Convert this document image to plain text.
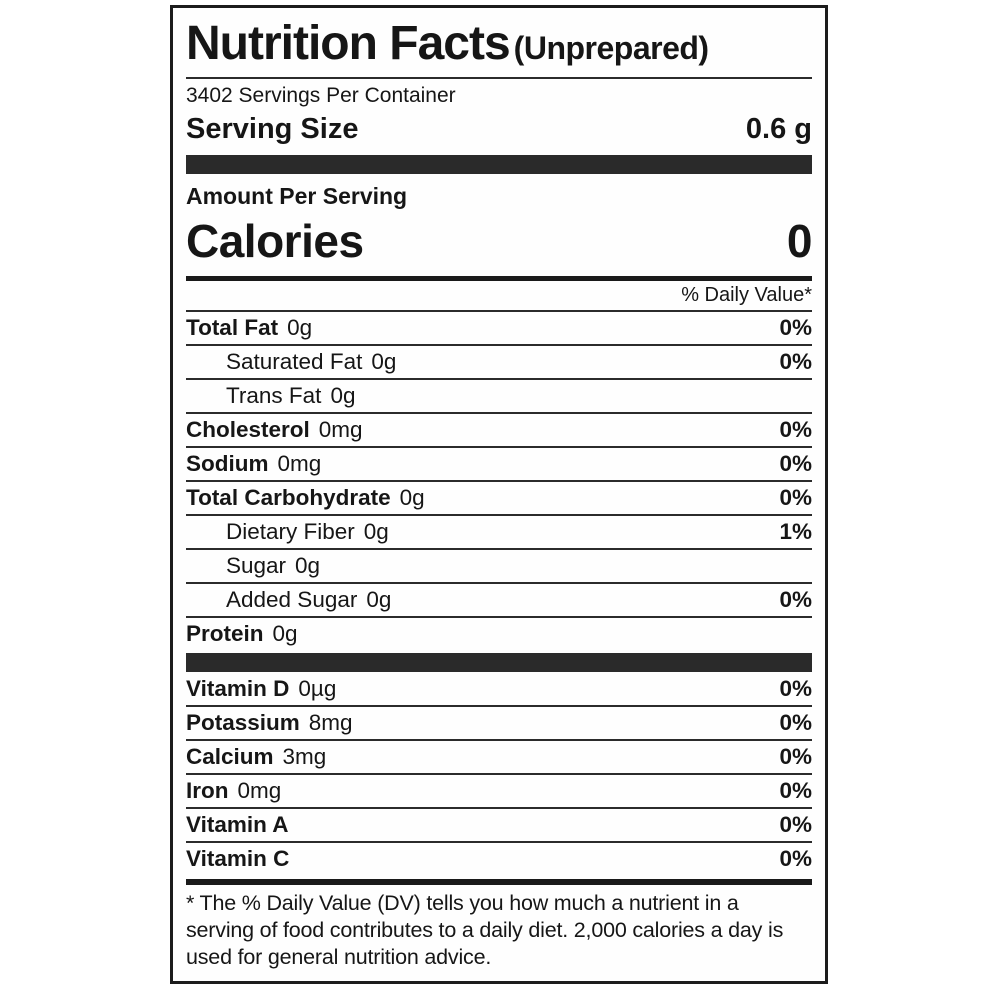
Nutrition Facts (Unprepared)
3402 Servings Per Container
Serving Size	0.6 g
Amount Per Serving
Calories	0
% Daily Value*
Total Fat 0g	0%
Saturated Fat 0g	0%
Trans Fat 0g
Cholesterol 0mg	0%
Sodium 0mg	0%
Total Carbohydrate 0g	0%
Dietary Fiber 0g	1%
Sugar 0g
Added Sugar 0g	0%
Protein 0g
Vitamin D 0µg	0%
Potassium 8mg	0%
Calcium 3mg	0%
Iron 0mg	0%
Vitamin A	0%
Vitamin C	0%
* The % Daily Value (DV) tells you how much a nutrient in a serving of food contributes to a daily diet. 2,000 calories a day is used for general nutrition advice.
